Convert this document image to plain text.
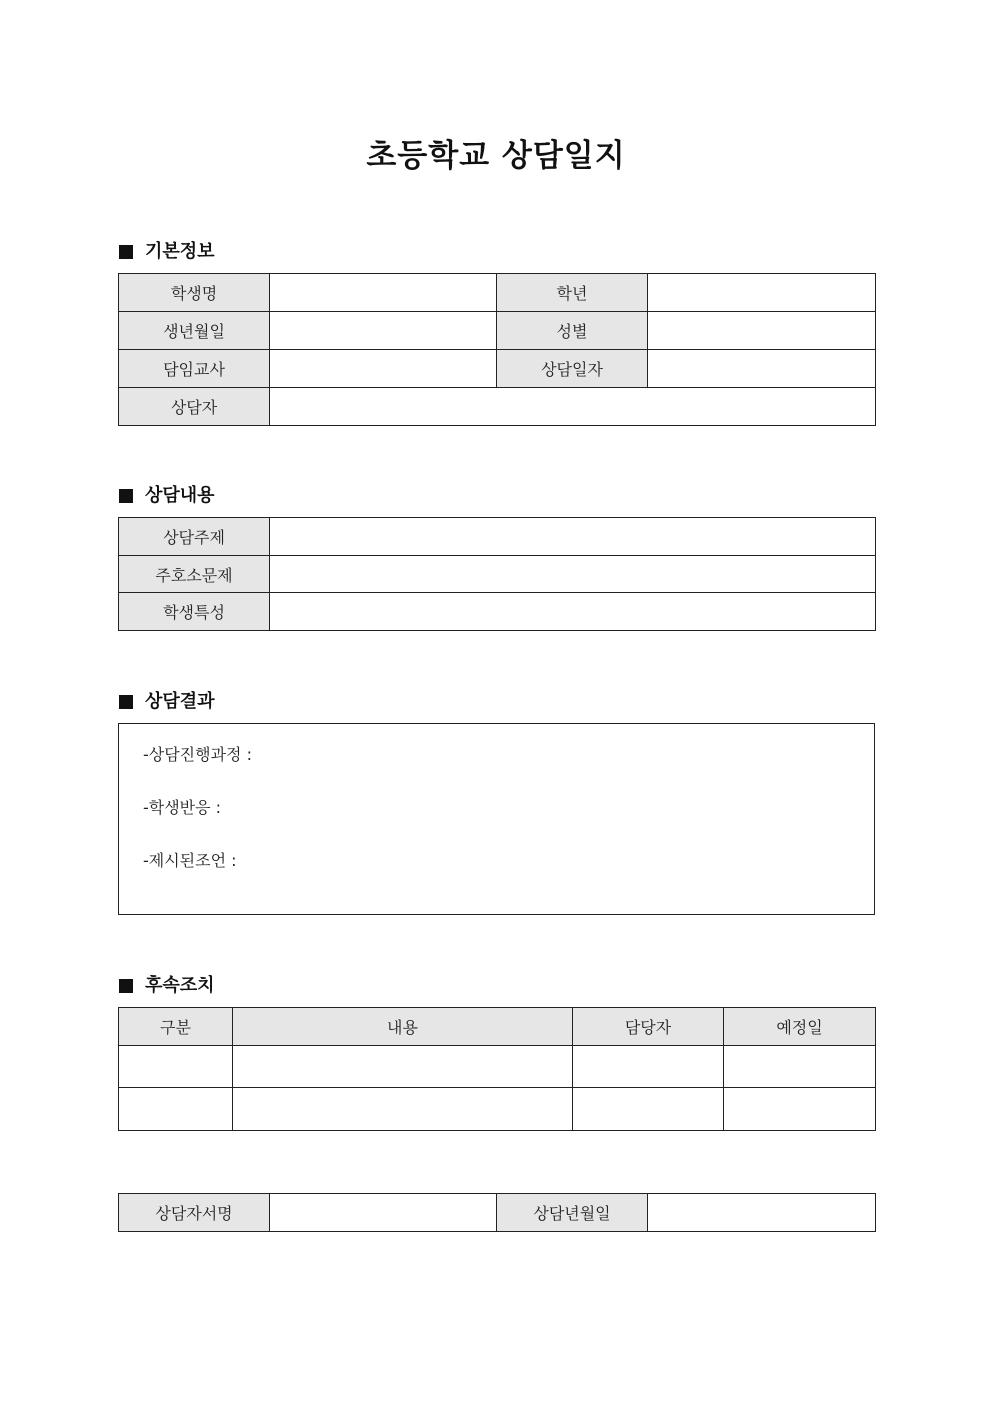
초등학교 상담일지
기본정보
학생명		학년	
생년월일		성별	
담임교사		상담일자	
상담자			
상담내용
상담주제	
주호소문제	
학생특성	
상담결과
-상담진행과정 :
-학생반응 :
-제시된조언 :
후속조치
구분	내용	담당자	예정일

상담자서명		상담년월일	
